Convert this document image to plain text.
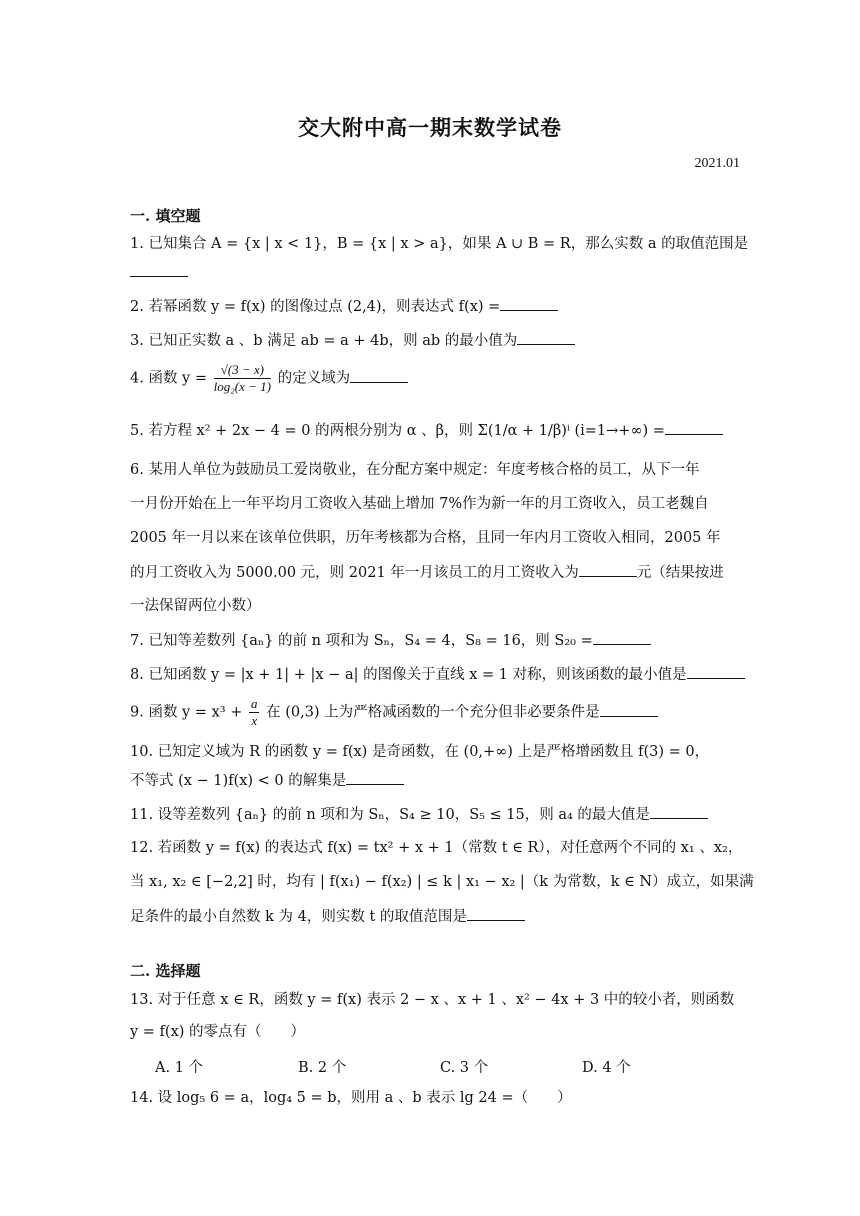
交大附中高一期末数学试卷
2021.01
一. 填空题
1. 已知集合 A = {x | x < 1}，B = {x | x > a}，如果 A ∪ B = R，那么实数 a 的取值范围是
2. 若幂函数 y = f(x) 的图像过点 (2,4)，则表达式 f(x) =
3. 已知正实数 a 、b 满足 ab = a + 4b，则 ab 的最小值为
4. 函数 $y = \frac{√(3 - x)}{\text{log₂(x − 1)}}$ 的定义域为
5. 若方程 x² + 2x − 4 = 0 的两根分别为 α 、β，则 Σ(1/α + 1/β)ⁱ (i=1→+∞) =
6. 某用人单位为鼓励员工爱岗敬业，在分配方案中规定：年度考核合格的员工，从下一年
一月份开始在上一年平均月工资收入基础上增加 7%作为新一年的月工资收入，员工老魏自
2005 年一月以来在该单位供职，历年考核都为合格，且同一年内月工资收入相同，2005 年
的月工资收入为 5000.00 元，则 2021 年一月该员工的月工资收入为	元（结果按进
一法保留两位小数）
7. 已知等差数列 {aₙ} 的前 n 项和为 Sₙ，S₄ = 4，S₈ = 16，则 S₂₀ =
8. 已知函数 y = |x + 1| + |x − a| 的图像关于直线 x = 1 对称，则该函数的最小值是
9. 函数 $y = x^3 + \frac{a}{x}$ 在 (0,3) 上为严格减函数的一个充分但非必要条件是
10. 已知定义域为 R 的函数 y = f(x) 是奇函数，在 (0,+∞) 上是严格增函数且 f(3) = 0，
不等式 (x − 1)f(x) < 0 的解集是
11. 设等差数列 {aₙ} 的前 n 项和为 Sₙ，S₄ ≥ 10，S₅ ≤ 15，则 a₄ 的最大值是
12. 若函数 y = f(x) 的表达式 f(x) = tx² + x + 1（常数 t ∈ R），对任意两个不同的 x₁ 、x₂，
当 x₁, x₂ ∈ [−2,2] 时，均有 | f(x₁) − f(x₂) | ≤ k | x₁ − x₂ |（k 为常数，k ∈ N）成立，如果满
足条件的最小自然数 k 为 4，则实数 t 的取值范围是
二. 选择题
13. 对于任意 x ∈ R，函数 y = f(x) 表示 2 − x 、x + 1 、x² − 4x + 3 中的较小者，则函数
y = f(x) 的零点有（　　）
A. 1 个	B. 2 个	C. 3 个	D. 4 个
14. 设 log₅ 6 = a，log₄ 5 = b，则用 a 、b 表示 lg 24 =（　　）
